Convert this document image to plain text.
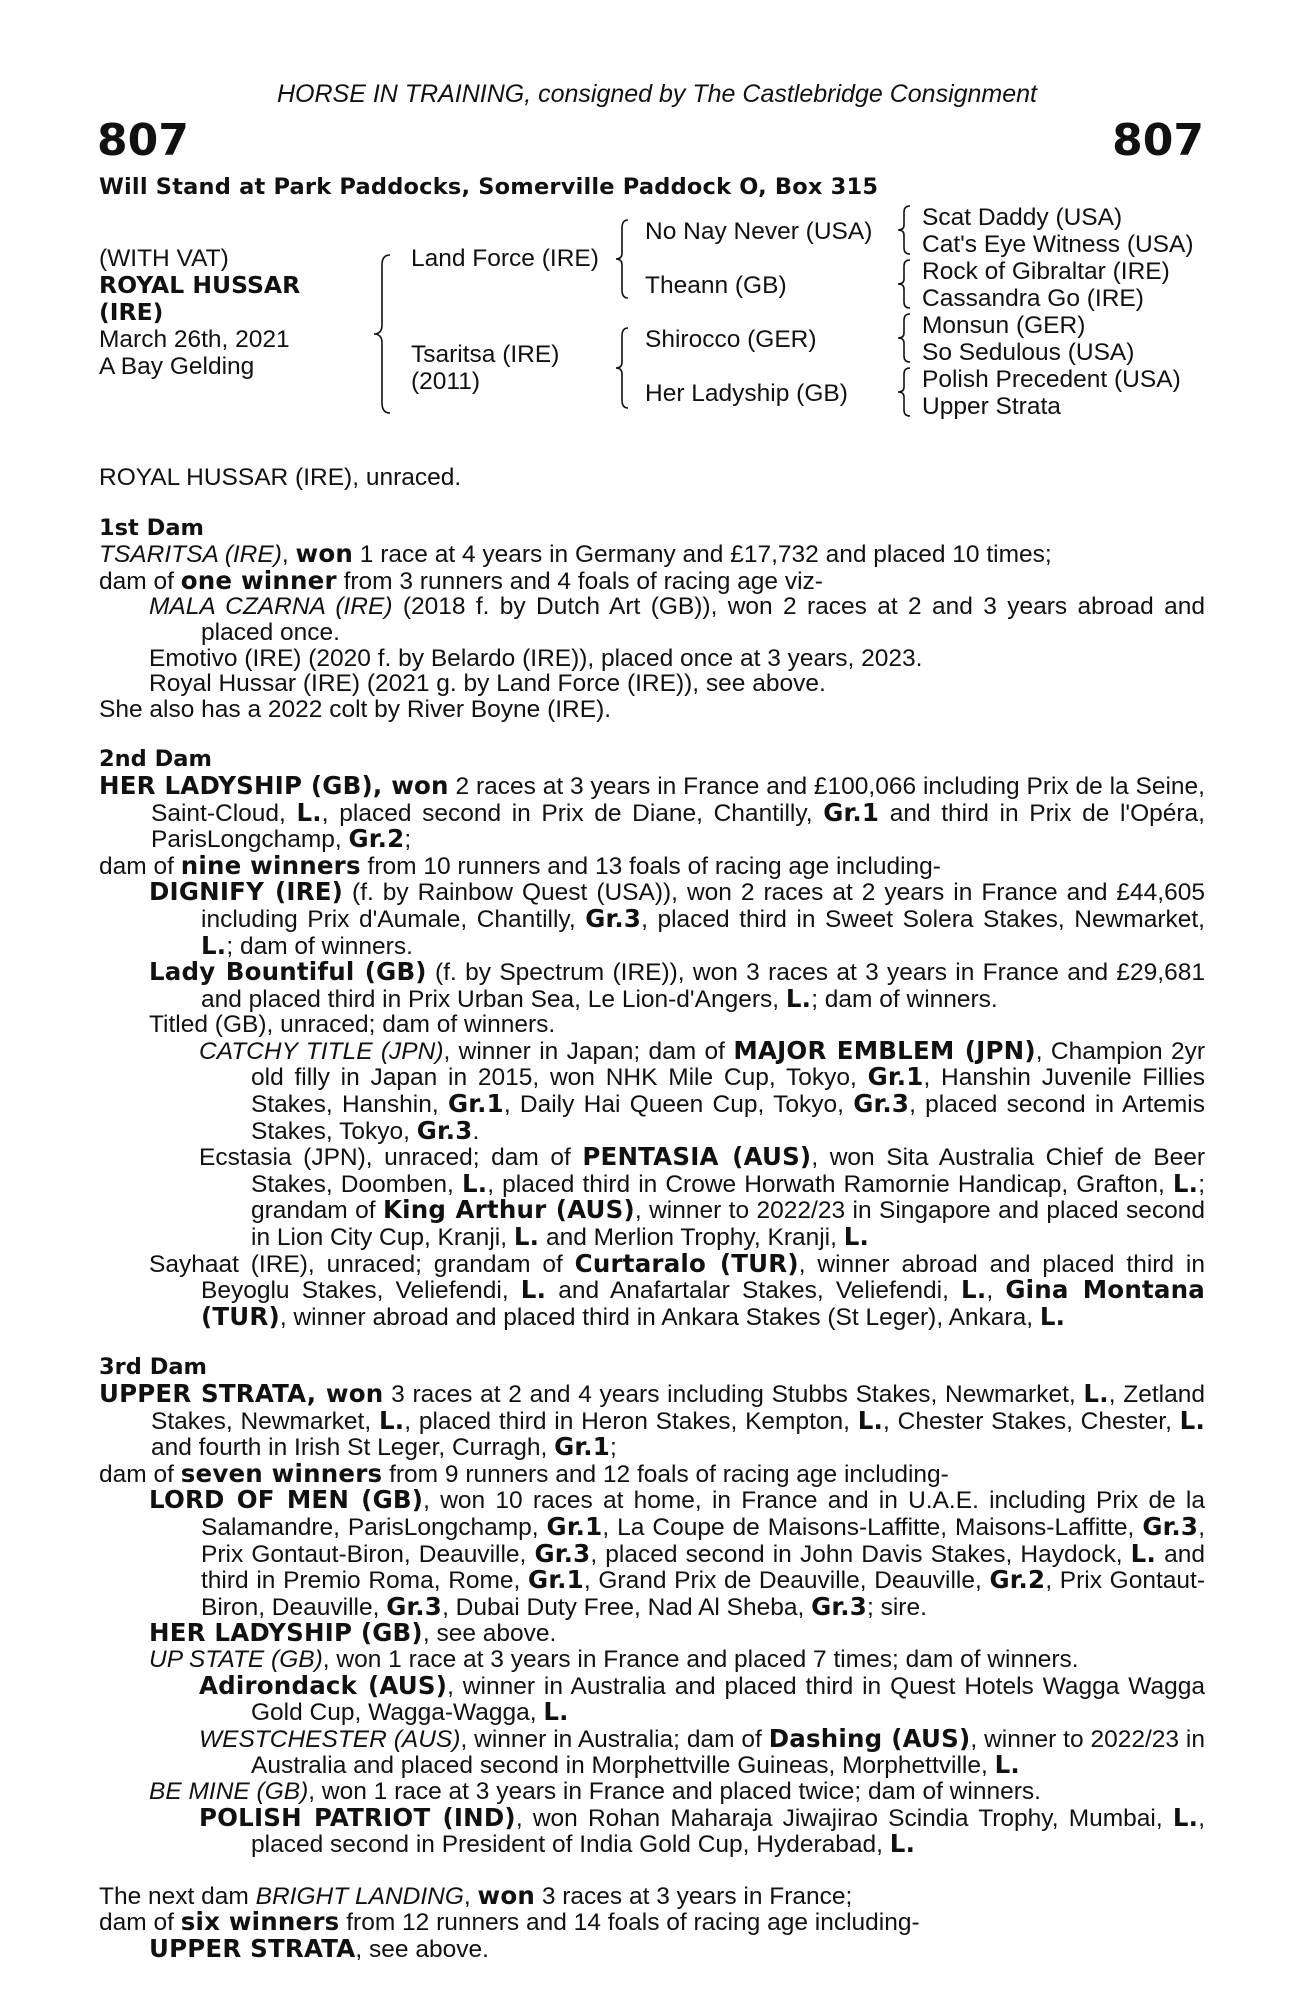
HORSE IN TRAINING, consigned by The Castlebridge Consignment
807	807
Will Stand at Park Paddocks, Somerville Paddock O, Box 315
(WITH VAT)
ROYAL HUSSAR
(IRE)
March 26th, 2021
A Bay Gelding
Land Force (IRE)
Tsaritsa (IRE)
(2011)
No Nay Never (USA)
Theann (GB)
Shirocco (GER)
Her Ladyship (GB)
Scat Daddy (USA)
Cat's Eye Witness (USA)
Rock of Gibraltar (IRE)
Cassandra Go (IRE)
Monsun (GER)
So Sedulous (USA)
Polish Precedent (USA)
Upper Strata
ROYAL HUSSAR (IRE), unraced.
1st Dam
TSARITSA (IRE), won 1 race at 4 years in Germany and £17,732 and placed 10 times;
dam of one winner from 3 runners and 4 foals of racing age viz-
MALA CZARNA (IRE) (2018 f. by Dutch Art (GB)), won 2 races at 2 and 3 years abroad and placed once.
Emotivo (IRE) (2020 f. by Belardo (IRE)), placed once at 3 years, 2023.
Royal Hussar (IRE) (2021 g. by Land Force (IRE)), see above.
She also has a 2022 colt by River Boyne (IRE).
2nd Dam
HER LADYSHIP (GB), won 2 races at 3 years in France and £100,066 including Prix de la Seine, Saint-Cloud, L., placed second in Prix de Diane, Chantilly, Gr.1 and third in Prix de l'Opéra, ParisLongchamp, Gr.2;
dam of nine winners from 10 runners and 13 foals of racing age including-
DIGNIFY (IRE) (f. by Rainbow Quest (USA)), won 2 races at 2 years in France and £44,605 including Prix d'Aumale, Chantilly, Gr.3, placed third in Sweet Solera Stakes, Newmarket, L.; dam of winners.
Lady Bountiful (GB) (f. by Spectrum (IRE)), won 3 races at 3 years in France and £29,681 and placed third in Prix Urban Sea, Le Lion-d'Angers, L.; dam of winners.
Titled (GB), unraced; dam of winners.
CATCHY TITLE (JPN), winner in Japan; dam of MAJOR EMBLEM (JPN), Champion 2yr old filly in Japan in 2015, won NHK Mile Cup, Tokyo, Gr.1, Hanshin Juvenile Fillies Stakes, Hanshin, Gr.1, Daily Hai Queen Cup, Tokyo, Gr.3, placed second in Artemis Stakes, Tokyo, Gr.3.
Ecstasia (JPN), unraced; dam of PENTASIA (AUS), won Sita Australia Chief de Beer Stakes, Doomben, L., placed third in Crowe Horwath Ramornie Handicap, Grafton, L.; grandam of King Arthur (AUS), winner to 2022/23 in Singapore and placed second in Lion City Cup, Kranji, L. and Merlion Trophy, Kranji, L.
Sayhaat (IRE), unraced; grandam of Curtaralo (TUR), winner abroad and placed third in Beyoglu Stakes, Veliefendi, L. and Anafartalar Stakes, Veliefendi, L., Gina Montana (TUR), winner abroad and placed third in Ankara Stakes (St Leger), Ankara, L.
3rd Dam
UPPER STRATA, won 3 races at 2 and 4 years including Stubbs Stakes, Newmarket, L., Zetland Stakes, Newmarket, L., placed third in Heron Stakes, Kempton, L., Chester Stakes, Chester, L. and fourth in Irish St Leger, Curragh, Gr.1;
dam of seven winners from 9 runners and 12 foals of racing age including-
LORD OF MEN (GB), won 10 races at home, in France and in U.A.E. including Prix de la Salamandre, ParisLongchamp, Gr.1, La Coupe de Maisons-Laffitte, Maisons-Laffitte, Gr.3, Prix Gontaut-Biron, Deauville, Gr.3, placed second in John Davis Stakes, Haydock, L. and third in Premio Roma, Rome, Gr.1, Grand Prix de Deauville, Deauville, Gr.2, Prix Gontaut-Biron, Deauville, Gr.3, Dubai Duty Free, Nad Al Sheba, Gr.3; sire.
HER LADYSHIP (GB), see above.
UP STATE (GB), won 1 race at 3 years in France and placed 7 times; dam of winners.
Adirondack (AUS), winner in Australia and placed third in Quest Hotels Wagga Wagga Gold Cup, Wagga-Wagga, L.
WESTCHESTER (AUS), winner in Australia; dam of Dashing (AUS), winner to 2022/23 in Australia and placed second in Morphettville Guineas, Morphettville, L.
BE MINE (GB), won 1 race at 3 years in France and placed twice; dam of winners.
POLISH PATRIOT (IND), won Rohan Maharaja Jiwajirao Scindia Trophy, Mumbai, L., placed second in President of India Gold Cup, Hyderabad, L.
The next dam BRIGHT LANDING, won 3 races at 3 years in France;
dam of six winners from 12 runners and 14 foals of racing age including-
UPPER STRATA, see above.
